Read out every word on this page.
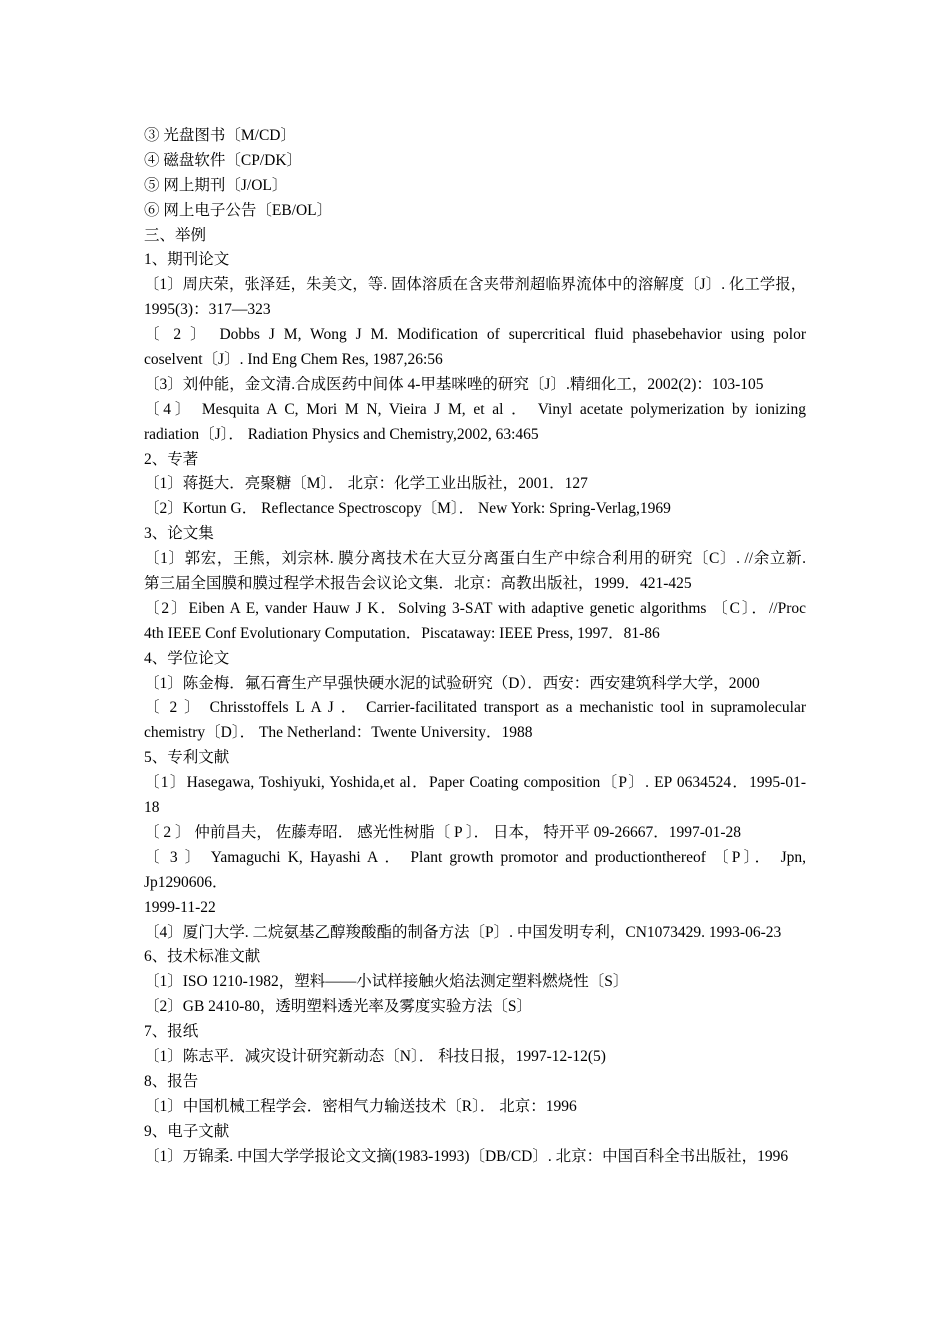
③ 光盘图书〔M/CD〕
④ 磁盘软件〔CP/DK〕
⑤ 网上期刊〔J/OL〕
⑥ 网上电子公告〔EB/OL〕
三、举例
1、期刊论文
〔1〕周庆荣，张泽廷，朱美文，等. 固体溶质在含夹带剂超临界流体中的溶解度〔J〕. 化工学报，
1995(3)：317—323
〔 2 〕 Dobbs J M, Wong J M. Modification of supercritical fluid phasebehavior using polor
coselvent〔J〕. Ind Eng Chem Res, 1987,26:56
〔3〕刘仲能，金文清.合成医药中间体 4-甲基咪唑的研究〔J〕.精细化工，2002(2)：103-105
〔4〕 Mesquita A C, Mori M N, Vieira J M, et al ． Vinyl acetate polymerization by ionizing
radiation〔J〕． Radiation Physics and Chemistry,2002, 63:465
2、专著
〔1〕蒋挺大．亮聚糖〔M〕． 北京：化学工业出版社，2001．127
〔2〕Kortun G． Reflectance Spectroscopy〔M〕． New York: Spring-Verlag,1969
3、论文集
〔1〕郭宏，王熊，刘宗林. 膜分离技术在大豆分离蛋白生产中综合利用的研究〔C〕. //余立新.
第三届全国膜和膜过程学术报告会议论文集．北京：高教出版社，1999．421-425
〔2〕Eiben A E, vander Hauw J K．Solving 3-SAT with adaptive genetic algorithms 〔C〕．//Proc
4th IEEE Conf Evolutionary Computation．Piscataway: IEEE Press, 1997．81-86
4、学位论文
〔1〕陈金梅．氟石膏生产早强快硬水泥的试验研究（D）．西安：西安建筑科学大学，2000
〔 2 〕 Chrisstoffels L A J ． Carrier-facilitated transport as a mechanistic tool in supramolecular
chemistry〔D〕． The Netherland：Twente University．1988
5、专利文献
〔1〕Hasegawa, Toshiyuki, Yoshida,et al．Paper Coating composition〔P〕. EP 0634524．1995-01-
18
〔 2 〕 仲前昌夫， 佐藤寿昭． 感光性树脂〔 P 〕． 日本， 特开平 09-26667．1997-01-28
〔 3 〕 Yamaguchi K, Hayashi A ． Plant growth promotor and productionthereof 〔P〕． Jpn,
Jp1290606．
1999-11-22
〔4〕厦门大学. 二烷氨基乙醇羧酸酯的制备方法〔P〕. 中国发明专利，CN1073429. 1993-06-23
6、技术标准文献
〔1〕ISO 1210-1982，塑料——小试样接触火焰法测定塑料燃烧性〔S〕
〔2〕GB 2410-80，透明塑料透光率及雾度实验方法〔S〕
7、报纸
〔1〕陈志平．减灾设计研究新动态〔N〕． 科技日报，1997-12-12(5)
8、报告
〔1〕中国机械工程学会．密相气力输送技术〔R〕． 北京：1996
9、电子文献
〔1〕万锦柔. 中国大学学报论文文摘(1983-1993)〔DB/CD〕. 北京：中国百科全书出版社，1996
